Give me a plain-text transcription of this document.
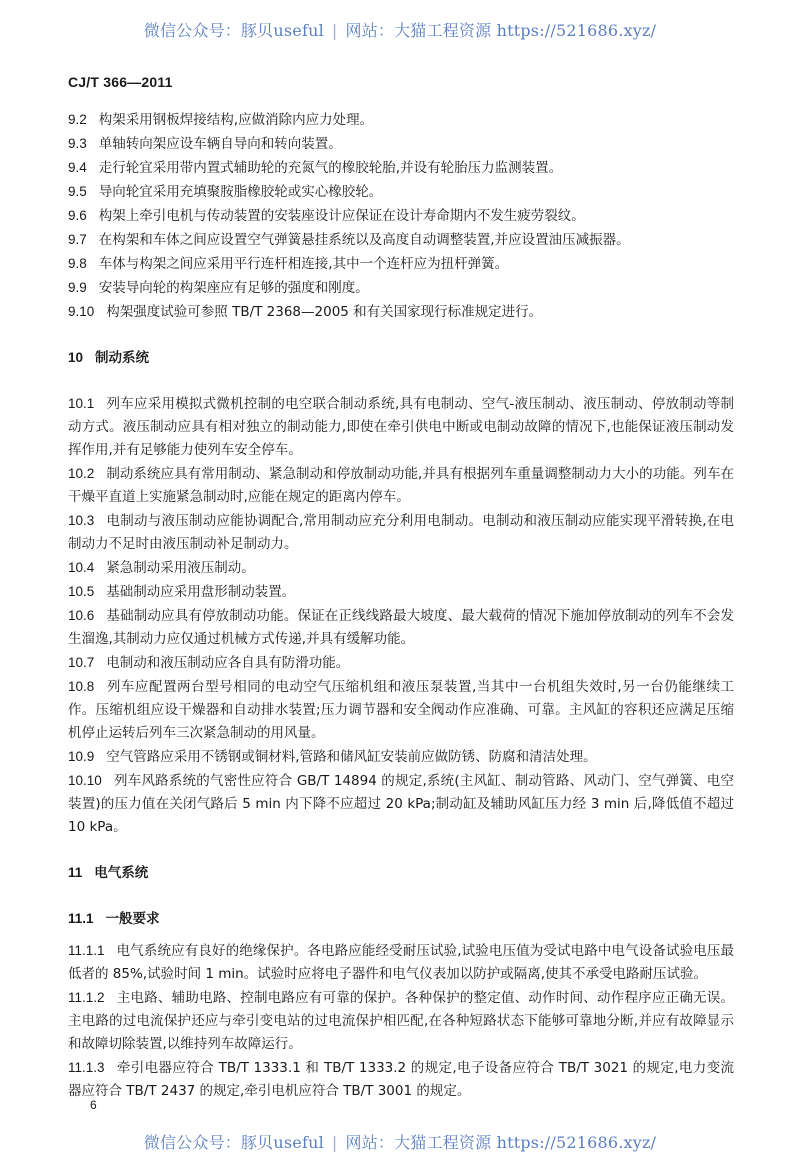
微信公众号：豚贝useful | 网站：大猫工程资源 https://521686.xyz/
CJ/T 366—2011

9.2 构架采用钢板焊接结构,应做消除内应力处理。

9.3 单轴转向架应设车辆自导向和转向装置。

9.4 走行轮宜采用带内置式辅助轮的充氮气的橡胶轮胎,并设有轮胎压力监测装置。

9.5 导向轮宜采用充填聚胺脂橡胶轮或实心橡胶轮。

9.6 构架上牵引电机与传动装置的安装座设计应保证在设计寿命期内不发生疲劳裂纹。

9.7 在构架和车体之间应设置空气弹簧悬挂系统以及高度自动调整装置,并应设置油压减振器。

9.8 车体与构架之间应采用平行连杆相连接,其中一个连杆应为扭杆弹簧。

9.9 安装导向轮的构架座应有足够的强度和刚度。

9.10 构架强度试验可参照 TB/T 2368—2005 和有关国家现行标准规定进行。

10 制动系统

10.1 列车应采用模拟式微机控制的电空联合制动系统,具有电制动、空气-液压制动、液压制动、停放制动等制动方式。液压制动应具有相对独立的制动能力,即使在牵引供电中断或电制动故障的情况下,也能保证液压制动发挥作用,并有足够能力使列车安全停车。

10.2 制动系统应具有常用制动、紧急制动和停放制动功能,并具有根据列车重量调整制动力大小的功能。列车在干燥平直道上实施紧急制动时,应能在规定的距离内停车。

10.3 电制动与液压制动应能协调配合,常用制动应充分利用电制动。电制动和液压制动应能实现平滑转换,在电制动力不足时由液压制动补足制动力。

10.4 紧急制动采用液压制动。

10.5 基础制动应采用盘形制动装置。

10.6 基础制动应具有停放制动功能。保证在正线线路最大坡度、最大载荷的情况下施加停放制动的列车不会发生溜逸,其制动力应仅通过机械方式传递,并具有缓解功能。

10.7 电制动和液压制动应各自具有防滑功能。

10.8 列车应配置两台型号相同的电动空气压缩机组和液压泵装置,当其中一台机组失效时,另一台仍能继续工作。压缩机组应设干燥器和自动排水装置;压力调节器和安全阀动作应准确、可靠。主风缸的容积还应满足压缩机停止运转后列车三次紧急制动的用风量。

10.9 空气管路应采用不锈钢或铜材料,管路和储风缸安装前应做防锈、防腐和清洁处理。

10.10 列车风路系统的气密性应符合 GB/T 14894 的规定,系统(主风缸、制动管路、风动门、空气弹簧、电空装置)的压力值在关闭气路后 5 min 内下降不应超过 20 kPa;制动缸及辅助风缸压力经 3 min 后,降低值不超过 10 kPa。

11 电气系统

11.1 一般要求

11.1.1 电气系统应有良好的绝缘保护。各电路应能经受耐压试验,试验电压值为受试电路中电气设备试验电压最低者的 85%,试验时间 1 min。试验时应将电子器件和电气仪表加以防护或隔离,使其不承受电路耐压试验。

11.1.2 主电路、辅助电路、控制电路应有可靠的保护。各种保护的整定值、动作时间、动作程序应正确无误。主电路的过电流保护还应与牵引变电站的过电流保护相匹配,在各种短路状态下能够可靠地分断,并应有故障显示和故障切除装置,以维持列车故障运行。

11.1.3 牵引电器应符合 TB/T 1333.1 和 TB/T 1333.2 的规定,电子设备应符合 TB/T 3021 的规定,电力变流器应符合 TB/T 2437 的规定,牵引电机应符合 TB/T 3001 的规定。

6
微信公众号：豚贝useful | 网站：大猫工程资源 https://521686.xyz/
